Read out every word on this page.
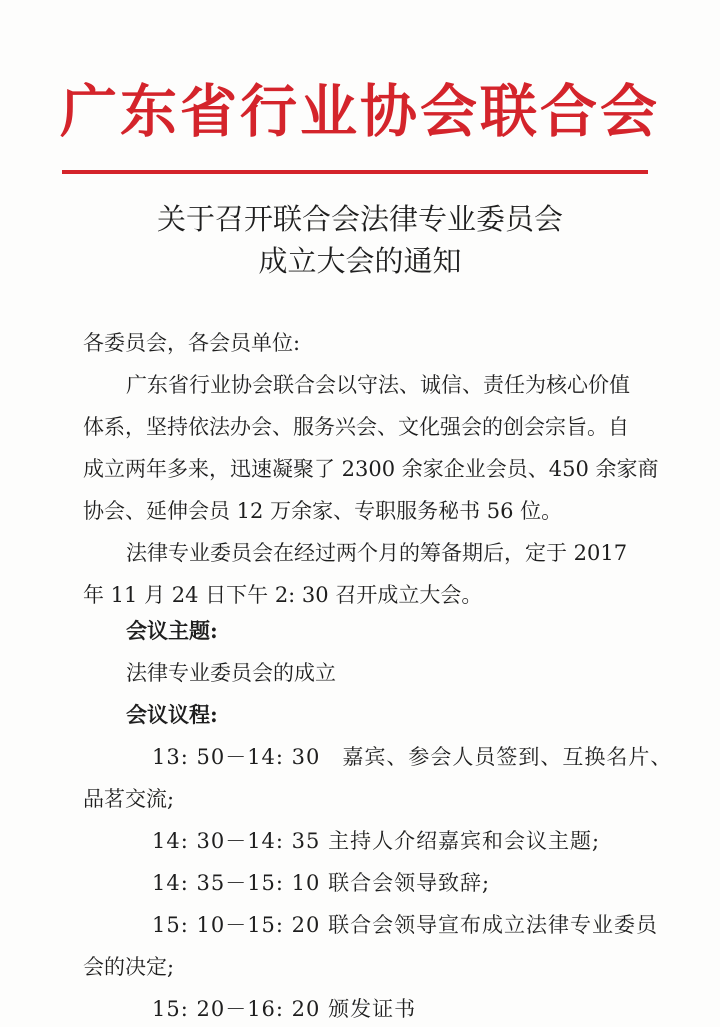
广东省行业协会联合会
关于召开联合会法律专业委员会
成立大会的通知
各委员会，各会员单位:
广东省行业协会联合会以守法、诚信、责任为核心价值
体系，坚持依法办会、服务兴会、文化强会的创会宗旨。自
成立两年多来，迅速凝聚了 2300 余家企业会员、450 余家商
协会、延伸会员 12 万余家、专职服务秘书 56 位。
法律专业委员会在经过两个月的筹备期后，定于 2017
年 11 月 24 日下午 2: 30 召开成立大会。
会议主题:
法律专业委员会的成立
会议议程:
13: 50－14: 30　嘉宾、参会人员签到、互换名片、
品茗交流;
14: 30－14: 35 主持人介绍嘉宾和会议主题;
14: 35－15: 10 联合会领导致辞;
15: 10－15: 20 联合会领导宣布成立法律专业委员
会的决定;
15: 20－16: 20 颁发证书
